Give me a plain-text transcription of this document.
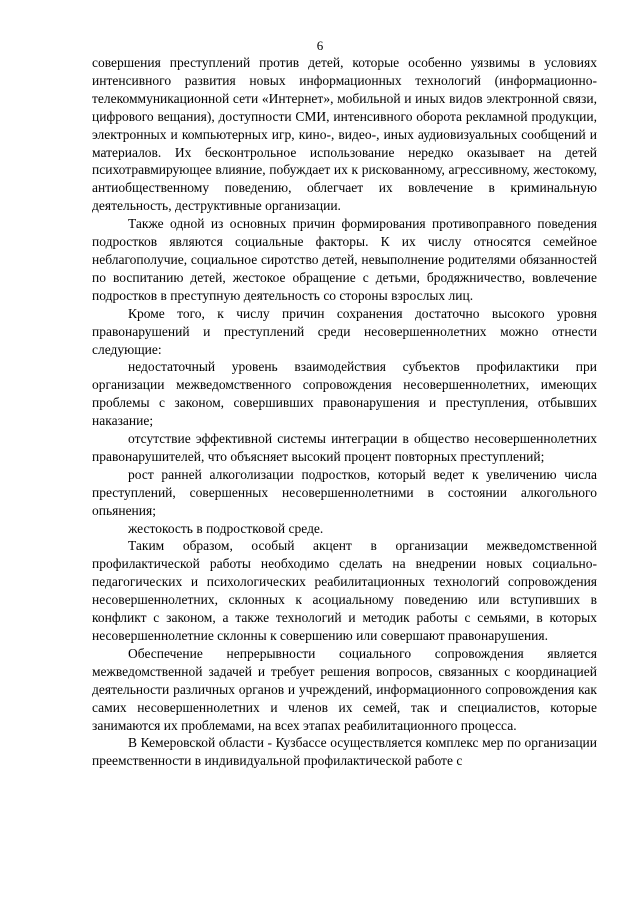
6

совершения преступлений против детей, которые особенно уязвимы в условиях интенсивного развития новых информационных технологий (информационно-телекоммуникационной сети «Интернет», мобильной и иных видов электронной связи, цифрового вещания), доступности СМИ, интенсивного оборота рекламной продукции, электронных и компьютерных игр, кино-, видео-, иных аудиовизуальных сообщений и материалов. Их бесконтрольное использование нередко оказывает на детей психотравмирующее влияние, побуждает их к рискованному, агрессивному, жестокому, антиобщественному поведению, облегчает их вовлечение в криминальную деятельность, деструктивные организации.

Также одной из основных причин формирования противоправного поведения подростков являются социальные факторы. К их числу относятся семейное неблагополучие, социальное сиротство детей, невыполнение родителями обязанностей по воспитанию детей, жестокое обращение с детьми, бродяжничество, вовлечение подростков в преступную деятельность со стороны взрослых лиц.

Кроме того, к числу причин сохранения достаточно высокого уровня правонарушений и преступлений среди несовершеннолетних можно отнести следующие:

недостаточный уровень взаимодействия субъектов профилактики при организации межведомственного сопровождения несовершеннолетних, имеющих проблемы с законом, совершивших правонарушения и преступления, отбывших наказание;

отсутствие эффективной системы интеграции в общество несовершеннолетних правонарушителей, что объясняет высокий процент повторных преступлений;

рост ранней алкоголизации подростков, который ведет к увеличению числа преступлений, совершенных несовершеннолетними в состоянии алкогольного опьянения;

жестокость в подростковой среде.

Таким образом, особый акцент в организации межведомственной профилактической работы необходимо сделать на внедрении новых социально-педагогических и психологических реабилитационных технологий сопровождения несовершеннолетних, склонных к асоциальному поведению или вступивших в конфликт с законом, а также технологий и методик работы с семьями, в которых несовершеннолетние склонны к совершению или совершают правонарушения.

Обеспечение непрерывности социального сопровождения является межведомственной задачей и требует решения вопросов, связанных с координацией деятельности различных органов и учреждений, информационного сопровождения как самих несовершеннолетних и членов их семей, так и специалистов, которые занимаются их проблемами, на всех этапах реабилитационного процесса.

В Кемеровской области - Кузбассе осуществляется комплекс мер по организации преемственности в индивидуальной профилактической работе с
